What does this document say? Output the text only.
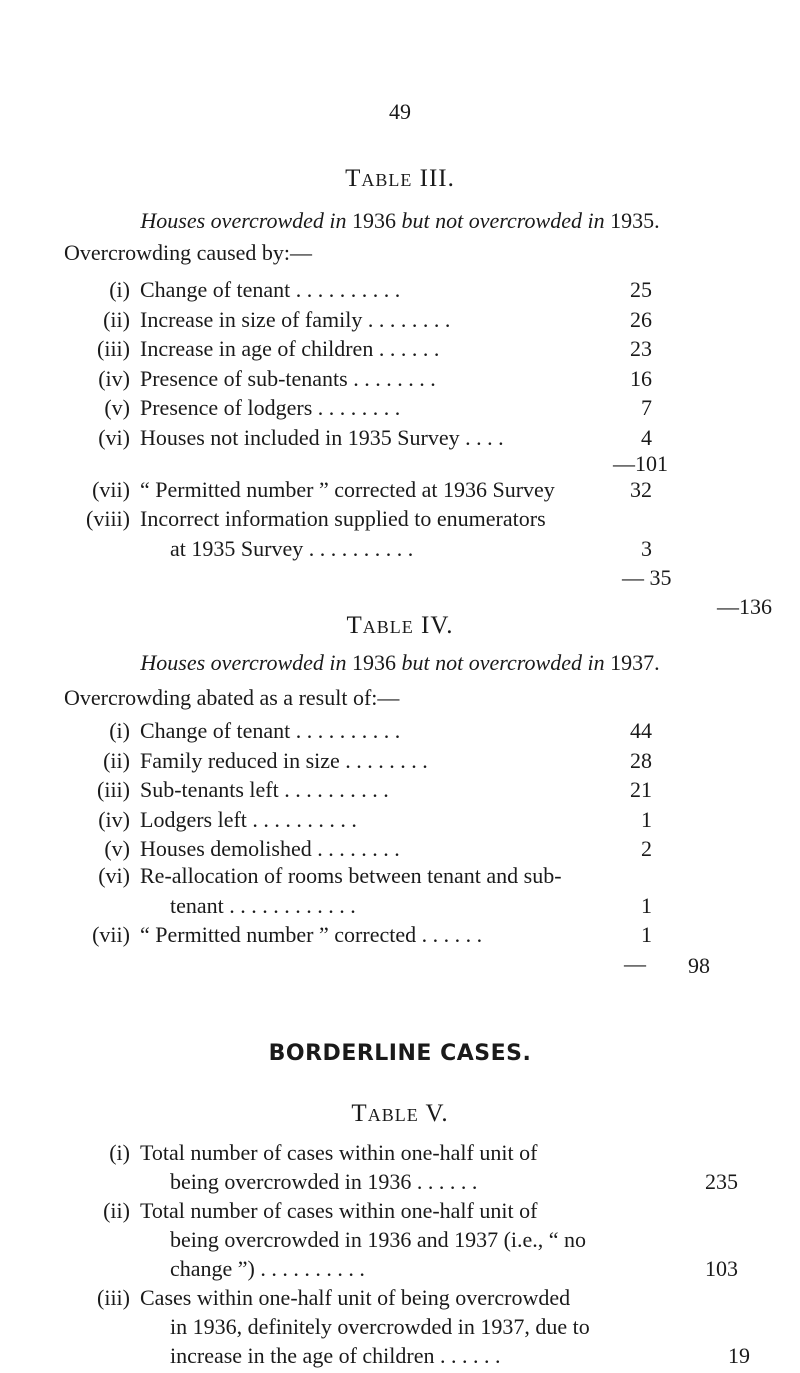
49
Table III.
Houses overcrowded in 1936 but not overcrowded in 1935.
Overcrowding caused by:—
(i) Change of tenant . . . . . . . . . .	25
(ii) Increase in size of family . . . . . . . .	26
(iii) Increase in age of children . . . . . .	23
(iv) Presence of sub-tenants . . . . . . . .	16
(v) Presence of lodgers . . . . . . . .	7
(vi) Houses not included in 1935 Survey . . . .	4
—101
(vii) “ Permitted number ” corrected at 1936 Survey	32
(viii) Incorrect information supplied to enumerators
at 1935 Survey . . . . . . . . . .	3
— 35
—136
Table IV.
Houses overcrowded in 1936 but not overcrowded in 1937.
Overcrowding abated as a result of:—
(i) Change of tenant . . . . . . . . . .	44
(ii) Family reduced in size . . . . . . . .	28
(iii) Sub-tenants left . . . . . . . . . .	21
(iv) Lodgers left . . . . . . . . . .	1
(v) Houses demolished . . . . . . . .	2
(vi) Re-allocation of rooms between tenant and sub-
tenant . . . . . . . . . . . .	1
(vii) “ Permitted number ” corrected . . . . . .	1
— 98
BORDERLINE CASES.
Table V.
(i) Total number of cases within one-half unit of
being overcrowded in 1936 . . . . . .	235
(ii) Total number of cases within one-half unit of
being overcrowded in 1936 and 1937 (i.e., “ no
change ”) . . . . . . . . . .	103
(iii) Cases within one-half unit of being overcrowded
in 1936, definitely overcrowded in 1937, due to
increase in the age of children . . . . . .	19
